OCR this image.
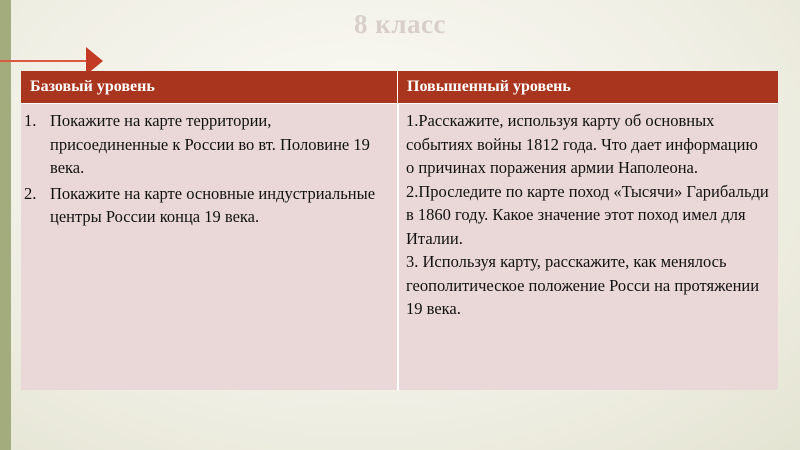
8 класс
Базовый уровень	Повышенный уровень
1. Покажите на карте территории, присоединенные к России во вт. Половине 19 века.
2. Покажите на карте основные индустриальные центры России конца 19 века.

1.Расскажите, используя карту об основных событиях войны 1812 года. Что дает информацию о причинах поражения армии Наполеона.

2.Проследите по карте поход «Тысячи» Гарибальди в 1860 году. Какое значение этот поход имел для Италии.

3. Используя карту, расскажите, как менялось геополитическое положение Росси на протяжении 19 века.
